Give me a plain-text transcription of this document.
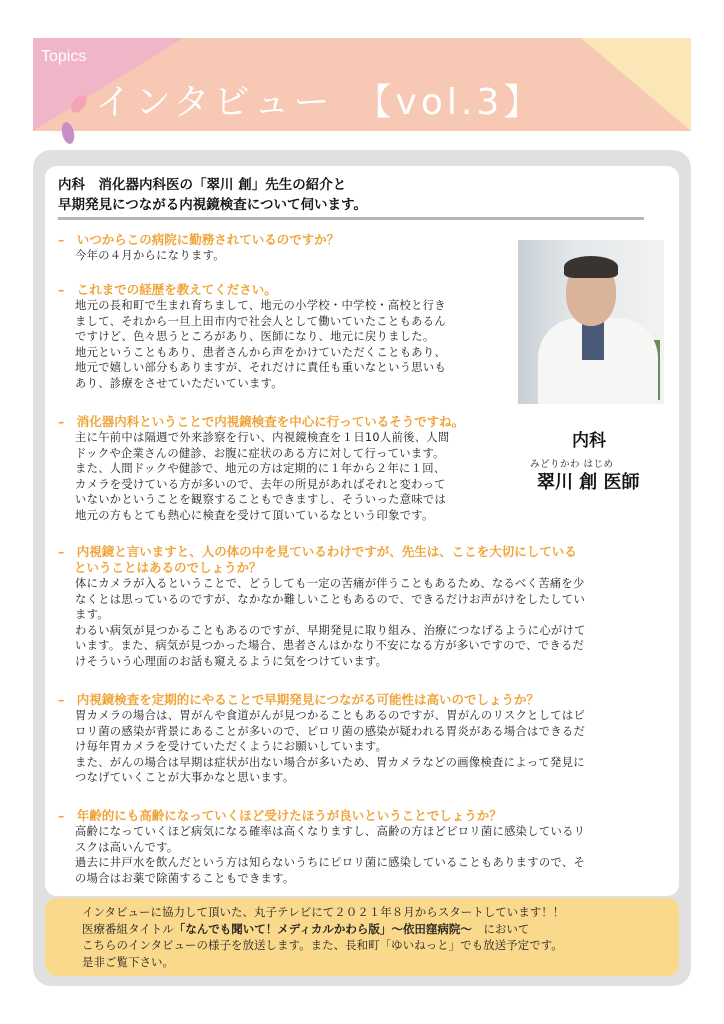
Topics
インタビュー　【vol.3】
内科　消化器内科医の「翠川 創」先生の紹介と
早期発見につながる内視鏡検査について伺います。
–　いつからこの病院に勤務されているのですか？
今年の４月からになります。
–　これまでの経歴を教えてください。
地元の長和町で生まれ育ちまして、地元の小学校・中学校・高校と行き
まして、それから一旦上田市内で社会人として働いていたこともあるん
ですけど、色々思うところがあり、医師になり、地元に戻りました。
地元ということもあり、患者さんから声をかけていただくこともあり、
地元で嬉しい部分もありますが、それだけに責任も重いなという思いも
あり、診療をさせていただいています。
–　消化器内科ということで内視鏡検査を中心に行っているそうですね。
主に午前中は隔週で外来診察を行い、内視鏡検査を１日10人前後、人間
ドックや企業さんの健診、お腹に症状のある方に対して行っています。
また、人間ドックや健診で、地元の方は定期的に１年から２年に１回、
カメラを受けている方が多いので、去年の所見があればそれと変わって
いないかということを観察することもできますし、そういった意味では
地元の方もとても熱心に検査を受けて頂いているなという印象です。
–　内視鏡と言いますと、人の体の中を見ているわけですが、先生は、ここを大切にしている
ということはあるのでしょうか？
体にカメラが入るということで、どうしても一定の苦痛が伴うこともあるため、なるべく苦痛を少
なくとは思っているのですが、なかなか難しいこともあるので、できるだけお声がけをしたしてい
ます。
わるい病気が見つかることもあるのですが、早期発見に取り組み、治療につなげるように心がけて
います。また、病気が見つかった場合、患者さんはかなり不安になる方が多いですので、できるだ
けそういう心理面のお話も窺えるように気をつけています。
–　内視鏡検査を定期的にやることで早期発見につながる可能性は高いのでしょうか？
胃カメラの場合は、胃がんや食道がんが見つかることもあるのですが、胃がんのリスクとしてはピ
ロリ菌の感染が背景にあることが多いので、ピロリ菌の感染が疑われる胃炎がある場合はできるだ
け毎年胃カメラを受けていただくようにお願いしています。
また、がんの場合は早期は症状が出ない場合が多いため、胃カメラなどの画像検査によって発見に
つなげていくことが大事かなと思います。
–　年齢的にも高齢になっていくほど受けたほうが良いということでしょうか？
高齢になっていくほど病気になる確率は高くなりますし、高齢の方ほどピロリ菌に感染しているリ
スクは高いんです。
過去に井戸水を飲んだという方は知らないうちにピロリ菌に感染していることもありますので、そ
の場合はお薬で除菌することもできます。
内科
みどりかわ はじめ
翠川 創 医師
インタビューに協力して頂いた、丸子テレビにて２０２１年８月からスタートしています！！
医療番組タイトル「なんでも聞いて！メディカルかわら版」～依田窪病院～　において
こちらのインタビューの様子を放送します。また、長和町「ゆいねっと」でも放送予定です。
是非ご覧下さい。
